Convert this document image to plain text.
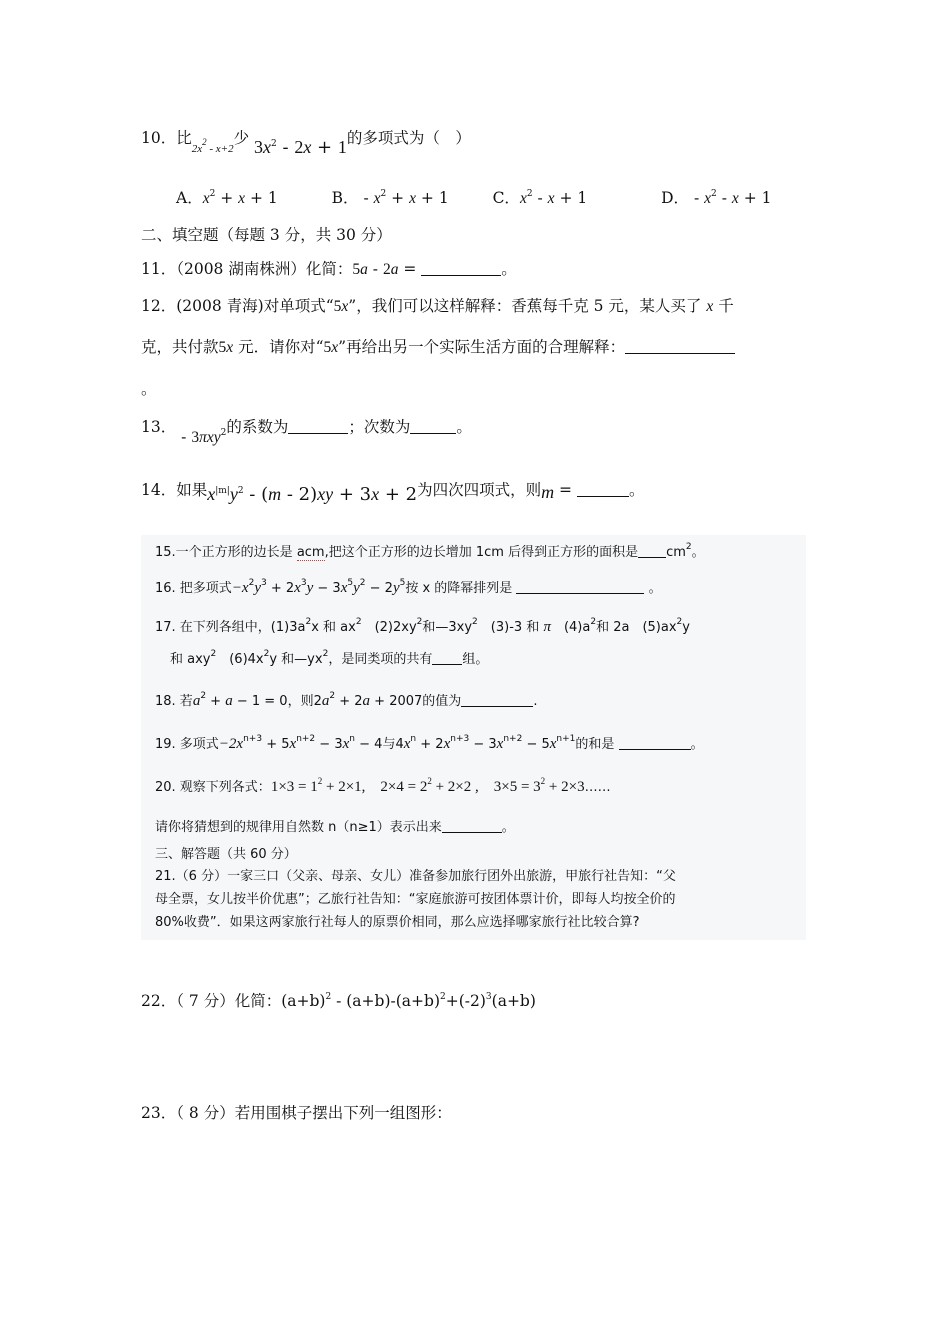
10．比$_{2x^2 - x+2}$少 $3x^2 - 2x + 1$的多项式为（　）
A．$x^2 + x + 1$	B． - $x^2 + x + 1$	C．$x^2 - x + 1$	D． - $x^2 - x + 1$
二、填空题（每题 3 分，共 30 分）
11．（2008 湖南株洲）化简：5a - 2a =	。
12．(2008 青海)对单项式“5x”，我们可以这样解释：香蕉每千克 5 元，某人买了 x 千
克，共付款5x 元．请你对“5x”再给出另一个实际生活方面的合理解释：
。
13． - 3πxy$^2$的系数为	；次数为	。
14．如果$x^{|m|}y^2 - (m - 2)xy + 3x + 2$为四次四项式，则m =	。
15.一个正方形的边长是 acm,把这个正方形的边长增加 1cm 后得到正方形的面积是 $cm^2$。
16. 把多项式$-x^2y^3 + 2x^3y - 3x^5y^2 - 2y^5$按 x 的降幂排列是	。
17. 在下列各组中，$(1)3a^2x$ 和 $ax^2$　$(2)2xy^2$和$—3xy^2$　(3)-3 和 π　$(4)a^2$和 2a　$(5)ax^2y$
和 axy$^2$　$(6)4x^2y$ 和$—yx^2$，是同类项的共有 组。
18. 若$a^2 + a - 1 = 0$，则$2a^2 + 2a + 2007$的值为	.
19. 多项式$-2x^{n+3} + 5x^{n+2} - 3x^n - 4$与$4x^n + 2x^{n+3} - 3x^{n+2} - 5x^{n+1}$的和是	。
20. 观察下列各式：$1\times 3 = 1^2 + 2\times 1$,　$2\times 4 = 2^2 + 2\times 2$ ,　$3\times 5 = 3^2$ + 2×3……
请你将猜想到的规律用自然数 n（n≥1）表示出来	。
三、解答题（共 60 分）
21.（6 分）一家三口（父亲、母亲、女儿）准备参加旅行团外出旅游，甲旅行社告知：“父
母全票，女儿按半价优惠”；乙旅行社告知：“家庭旅游可按团体票计价，即每人均按全价的
80%收费”．如果这两家旅行社每人的原票价相同，那么应选择哪家旅行社比较合算?
22．（ 7 分）化简：$(a+b)^2 - (a+b)-(a+b)^2+(-2)^3(a+b)$
23．（ 8 分）若用围棋子摆出下列一组图形：
